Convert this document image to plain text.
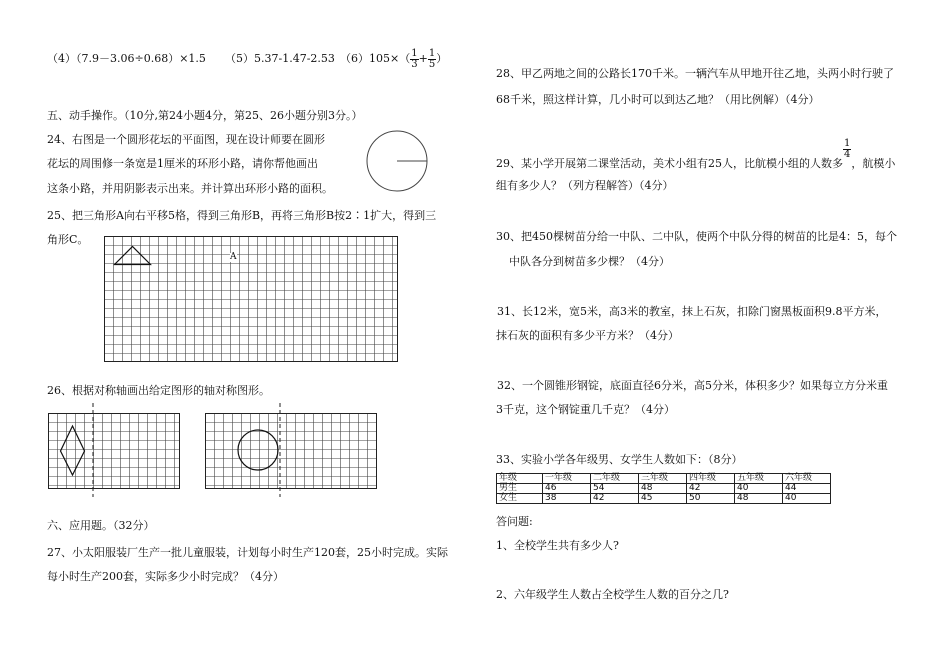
（4）（7.9－3.06÷0.68）×1.5 （5）5.37-1.47-2.53 $(6)105\times( \frac{1}{3} + \frac{1}{5}$ ）
五、动手操作。（10分,第24小题4分，第25、26小题分别3分。）
24、右图是一个圆形花坛的平面图，现在设计师要在圆形
花坛的周围修一条宽是1厘米的环形小路，请你帮他画出
这条小路，并用阴影表示出来。并计算出环形小路的面积。
25、把三角形A向右平移5格，得到三角形B，再将三角形B按2∶1扩大，得到三
角形C。
A
26、根据对称轴画出给定图形的轴对称图形。
六、应用题。（32分）
27、小太阳服装厂生产一批儿童服装，计划每小时生产120套，25小时完成。实际
每小时生产200套，实际多少小时完成？（4分）
28、甲乙两地之间的公路长170千米。一辆汽车从甲地开往乙地，头两小时行驶了
68千米，照这样计算，几小时可以到达乙地？（用比例解）（4分）
29、某小学开展第二课堂活动，美术小组有25人，比航模小组的人数多
$\frac{1}{4}$
，航模小
组有多少人？（列方程解答）（4分）
30、把450棵树苗分给一中队、二中队，使两个中队分得的树苗的比是4：5，每个
中队各分到树苗多少棵？（4分）
31、长12米，宽5米，高3米的教室，抹上石灰，扣除门窗黑板面积9.8平方米，
抹石灰的面积有多少平方米？（4分）
32、一个圆锥形钢锭，底面直径6分米，高5分米，体积多少？如果每立方分米重
3千克，这个钢锭重几千克？（4分）
33、实验小学各年级男、女学生人数如下：（8分）
年级	一年级	二年级	三年级	四年级	五年级	六年级
男生	46	54	48	42	40	44
女生	38	42	45	50	48	40
答问题:
1、全校学生共有多少人?
2、六年级学生人数占全校学生人数的百分之几?
